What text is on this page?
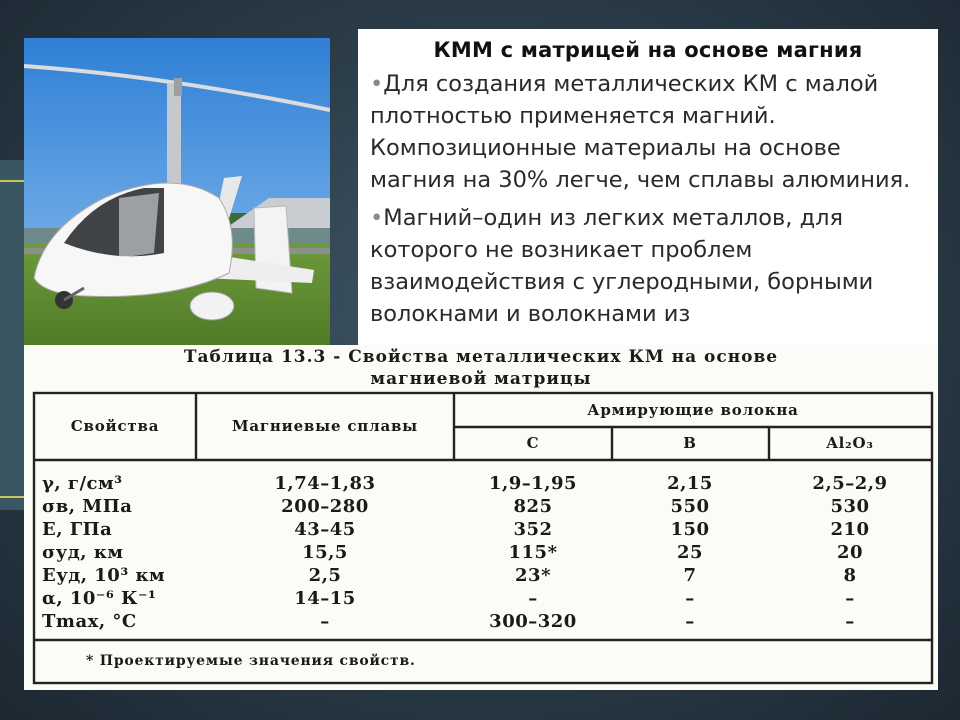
КММ с матрицей на основе магния
•Для создания металлических КМ с малой плотностью применяется магний. Композиционные материалы на основе магния на 30% легче, чем сплавы алюминия.
•Магний–один из легких металлов, для которого не возникает проблем взаимодействия с углеродными, борными волокнами и волокнами из
Таблица 13.3 - Свойства металлических КМ на основе
магниевой матрицы
Свойства	Магниевые сплавы
Армирующие волокна
C	B	Al₂O₃
γ, г/см³	1,74–1,83	1,9–1,95	2,15	2,5–2,9
σв, МПа	200–280	825	550	530
E, ГПа	43–45	352	150	210
σуд, км	15,5	115*	25	20
Eуд, 10³ км	2,5	23*	7	8
α, 10⁻⁶ К⁻¹	14–15	–	–	–
Tmax, °C	–	300–320	–	–
* Проектируемые значения свойств.
